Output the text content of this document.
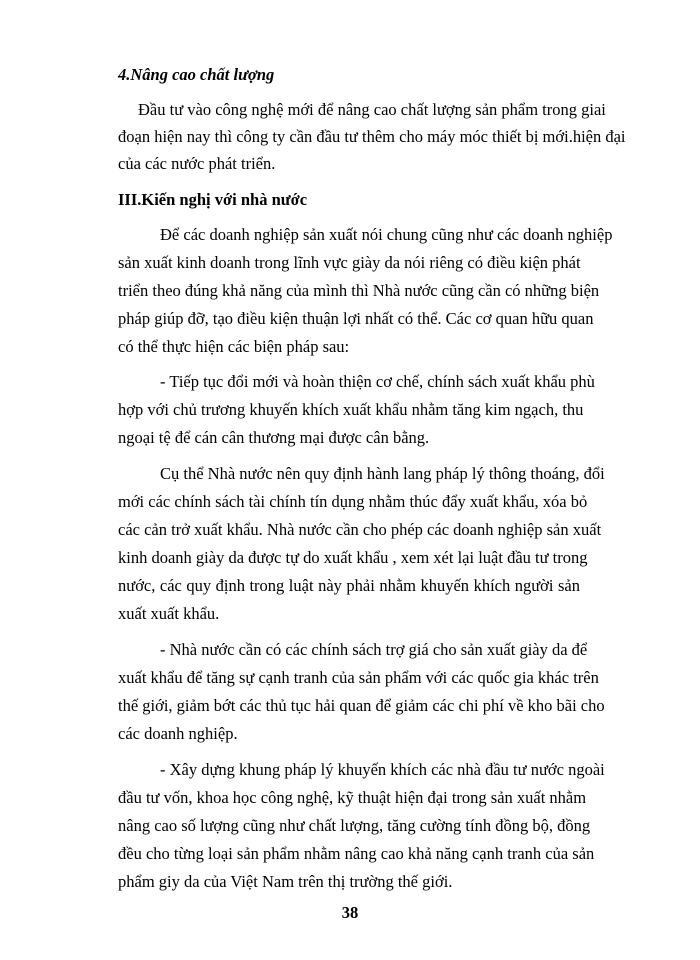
4.Nâng cao chất lượng
Đầu tư vào công nghệ mới để nâng cao chất lượng sản phẩm trong giai
đoạn hiện nay thì công ty cần đầu tư thêm cho máy móc thiết bị mới.hiện đại
của các nước phát triển.
III.Kiến nghị với nhà nước
Để các doanh nghiệp sản xuất nói chung cũng như các doanh nghiệp
sản xuất kinh doanh trong lĩnh vực giày da nói riêng có điều kiện phát
triển theo đúng khả năng của mình thì Nhà nước cũng cần có những biện
pháp giúp đỡ, tạo điều kiện thuận lợi nhất có thể. Các cơ quan hữu quan
có thể thực hiện các biện pháp sau:
- Tiếp tục đổi mới và hoàn thiện cơ chế, chính sách xuất khẩu phù
hợp với chủ trương khuyến khích xuất khẩu nhằm tăng kim ngạch, thu
ngoại tệ để cán cân thương mại được cân bằng.
Cụ thể Nhà nước nên quy định hành lang pháp lý thông thoáng, đổi
mới các chính sách tài chính tín dụng nhằm thúc đẩy xuất khẩu, xóa bỏ
các cản trở xuất khẩu. Nhà nước cần cho phép các doanh nghiệp sản xuất
kinh doanh giày da được tự do xuất khẩu , xem xét lại luật đầu tư trong
nước, các quy định trong luật này phải nhằm khuyến khích người sản
xuất xuất khẩu.
- Nhà nước cần có các chính sách trợ giá cho sản xuất giày da để
xuất khẩu để tăng sự cạnh tranh của sản phẩm với các quốc gia khác trên
thế giới, giảm bớt các thủ tục hải quan để giảm các chi phí về kho bãi cho
các doanh nghiệp.
- Xây dựng khung pháp lý khuyến khích các nhà đầu tư nước ngoài
đầu tư vốn, khoa học công nghệ, kỹ thuật hiện đại trong sản xuất nhằm
nâng cao số lượng cũng như chất lượng, tăng cường tính đồng bộ, đồng
đều cho từng loại sản phẩm nhằm nâng cao khả năng cạnh tranh của sản
phẩm giy da của Việt Nam trên thị trường thế giới.
38
